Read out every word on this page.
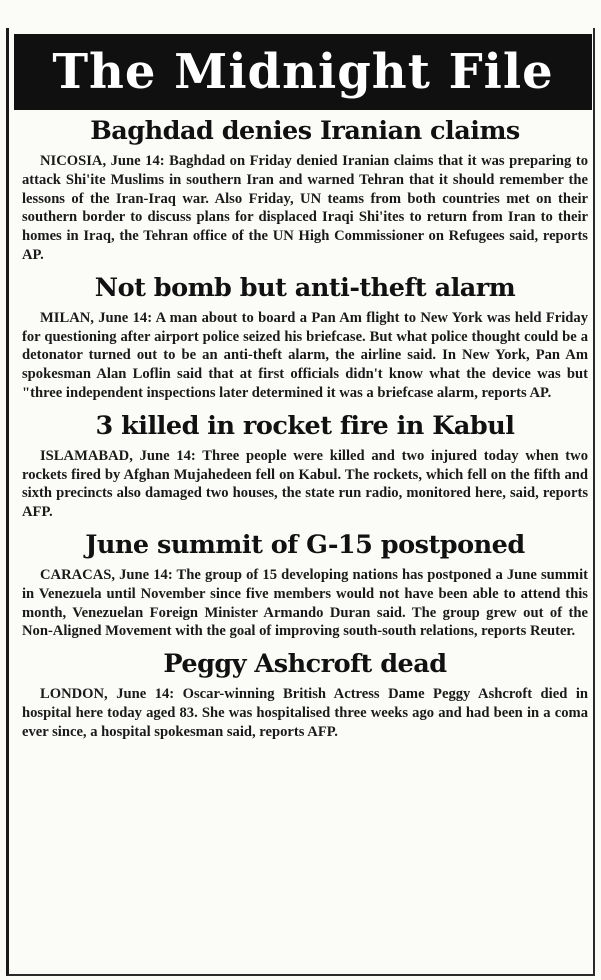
The Midnight File
Baghdad denies Iranian claims

NICOSIA, June 14: Baghdad on Friday denied Iranian claims that it was preparing to attack Shi'ite Muslims in southern Iran and warned Tehran that it should remember the lessons of the Iran-Iraq war. Also Friday, UN teams from both countries met on their southern border to discuss plans for displaced Iraqi Shi'ites to return from Iran to their homes in Iraq, the Tehran office of the UN High Commissioner on Refugees said, reports AP.

Not bomb but anti-theft alarm

MILAN, June 14: A man about to board a Pan Am flight to New York was held Friday for questioning after airport police seized his briefcase. But what police thought could be a detonator turned out to be an anti-theft alarm, the airline said. In New York, Pan Am spokesman Alan Loflin said that at first officials didn't know what the device was but "three independent inspections later determined it was a briefcase alarm, reports AP.

3 killed in rocket fire in Kabul

ISLAMABAD, June 14: Three people were killed and two injured today when two rockets fired by Afghan Mujahedeen fell on Kabul. The rockets, which fell on the fifth and sixth precincts also damaged two houses, the state run radio, monitored here, said, reports AFP.

June summit of G-15 postponed

CARACAS, June 14: The group of 15 developing nations has postponed a June summit in Venezuela until November since five members would not have been able to attend this month, Venezuelan Foreign Minister Armando Duran said. The group grew out of the Non-Aligned Movement with the goal of improving south-south relations, reports Reuter.

Peggy Ashcroft dead

LONDON, June 14: Oscar-winning British Actress Dame Peggy Ashcroft died in hospital here today aged 83. She was hospitalised three weeks ago and had been in a coma ever since, a hospital spokesman said, reports AFP.
